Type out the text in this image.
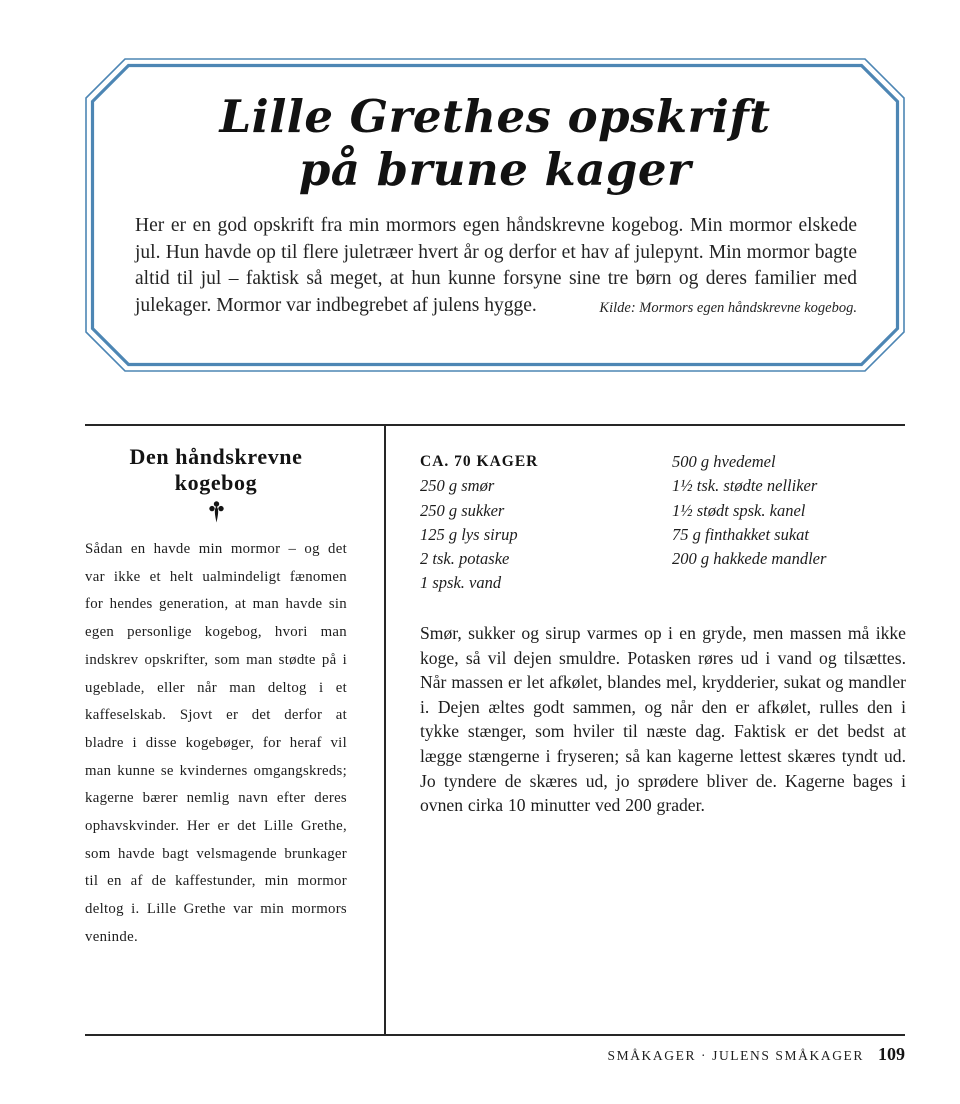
Lille Grethes opskrift
på brune kager

Her er en god opskrift fra min mormors egen håndskrevne kogebog. Min mormor elskede jul. Hun havde op til flere juletræer hvert år og derfor et hav af julepynt. Min mormor bagte altid til jul – faktisk så meget, at hun kunne forsyne sine tre børn og deres familier med julekager. Mormor var indbegrebet af julens hygge.	Kilde: Mormors egen håndskrevne kogebog.
Den håndskrevne
kogebog

Sådan en havde min mormor – og det var ikke et helt ualmindeligt fænomen for hendes generation, at man havde sin egen personlige kogebog, hvori man indskrev opskrifter, som man stødte på i ugeblade, eller når man deltog i et kaffeselskab. Sjovt er det derfor at bladre i disse kogebøger, for heraf vil man kunne se kvindernes omgangskreds; kagerne bærer nemlig navn efter deres ophavskvinder. Her er det Lille Grethe, som havde bagt velsmagende brunkager til en af de kaffestunder, min mormor deltog i. Lille Grethe var min mormors veninde.

CA. 70 KAGER
250 g smør
250 g sukker
125 g lys sirup
2 tsk. potaske
1 spsk. vand
500 g hvedemel
1½ tsk. stødte nelliker
1½ stødt spsk. kanel
75 g finthakket sukat
200 g hakkede mandler

Smør, sukker og sirup varmes op i en gryde, men massen må ikke koge, så vil dejen smuldre. Potasken røres ud i vand og tilsættes. Når massen er let afkølet, blandes mel, krydderier, sukat og mandler i. Dejen æltes godt sammen, og når den er afkølet, rulles den i tykke stænger, som hviler til næste dag. Faktisk er det bedst at lægge stængerne i fryseren; så kan kagerne lettest skæres tyndt ud. Jo tyndere de skæres ud, jo sprødere bliver de. Kagerne bages i ovnen cirka 10 minutter ved 200 grader.

SMÅKAGER · JULENS SMÅKAGER 109
